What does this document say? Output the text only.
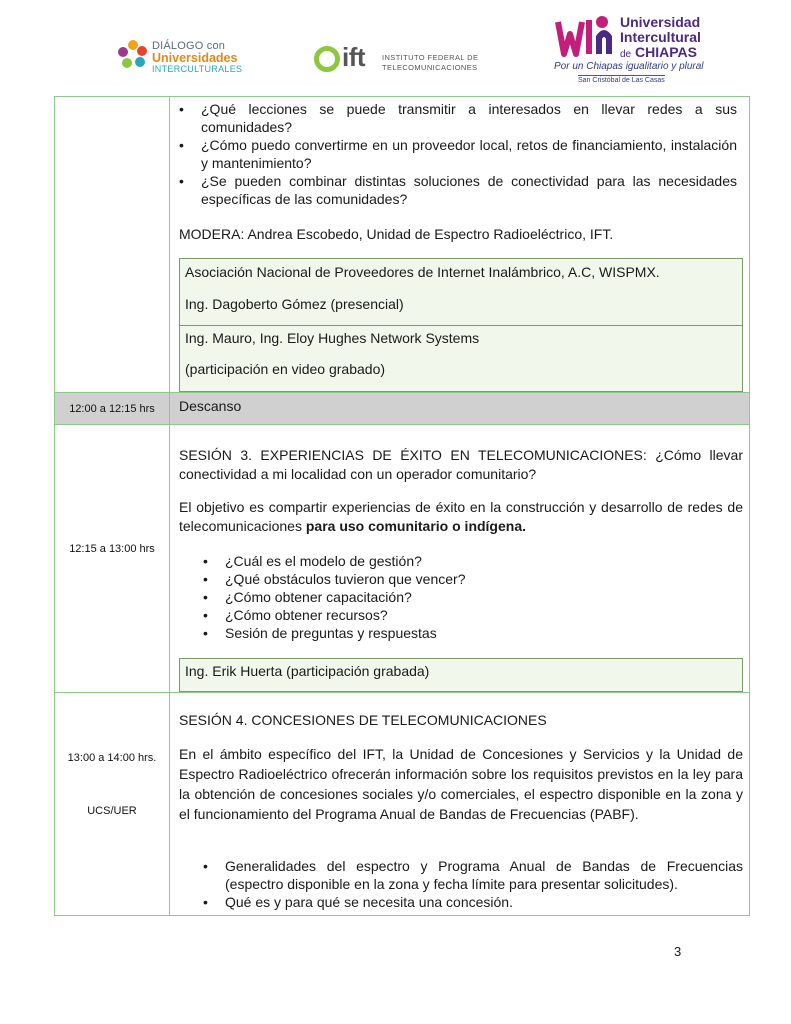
DIÁLOGO con
Universidades
INTERCULTURALES	ift INSTITUTO FEDERAL DE
TELECOMUNICACIONES
Universidad
Intercultural
de CHIAPAS
Por un Chiapas igualitario y plural
San Cristóbal de Las Casas
• ¿Qué lecciones se puede transmitir a interesados en llevar redes a sus comunidades?
• ¿Cómo puedo convertirme en un proveedor local, retos de financiamiento, instalación y mantenimiento?
• ¿Se pueden combinar distintas soluciones de conectividad para las necesidades específicas de las comunidades?
MODERA: Andrea Escobedo, Unidad de Espectro Radioeléctrico, IFT.
Asociación Nacional de Proveedores de Internet Inalámbrico, A.C, WISPMX.
Ing. Dagoberto Gómez (presencial)
Ing. Mauro, Ing. Eloy Hughes Network Systems
(participación en video grabado)
12:00 a 12:15 hrs Descanso
12:15 a 13:00 hrs
SESIÓN 3. EXPERIENCIAS DE ÉXITO EN TELECOMUNICACIONES: ¿Cómo llevar conectividad a mi localidad con un operador comunitario?
El objetivo es compartir experiencias de éxito en la construcción y desarrollo de redes de telecomunicaciones para uso comunitario o indígena.
• ¿Cuál es el modelo de gestión?
• ¿Qué obstáculos tuvieron que vencer?
• ¿Cómo obtener capacitación?
• ¿Cómo obtener recursos?
• Sesión de preguntas y respuestas
Ing. Erik Huerta (participación grabada)
13:00 a 14:00 hrs.
UCS/UER
SESIÓN 4. CONCESIONES DE TELECOMUNICACIONES
En el ámbito específico del IFT, la Unidad de Concesiones y Servicios y la Unidad de Espectro Radioeléctrico ofrecerán información sobre los requisitos previstos en la ley para la obtención de concesiones sociales y/o comerciales, el espectro disponible en la zona y el funcionamiento del Programa Anual de Bandas de Frecuencias (PABF).
• Generalidades del espectro y Programa Anual de Bandas de Frecuencias (espectro disponible en la zona y fecha límite para presentar solicitudes).
• Qué es y para qué se necesita una concesión.
3
